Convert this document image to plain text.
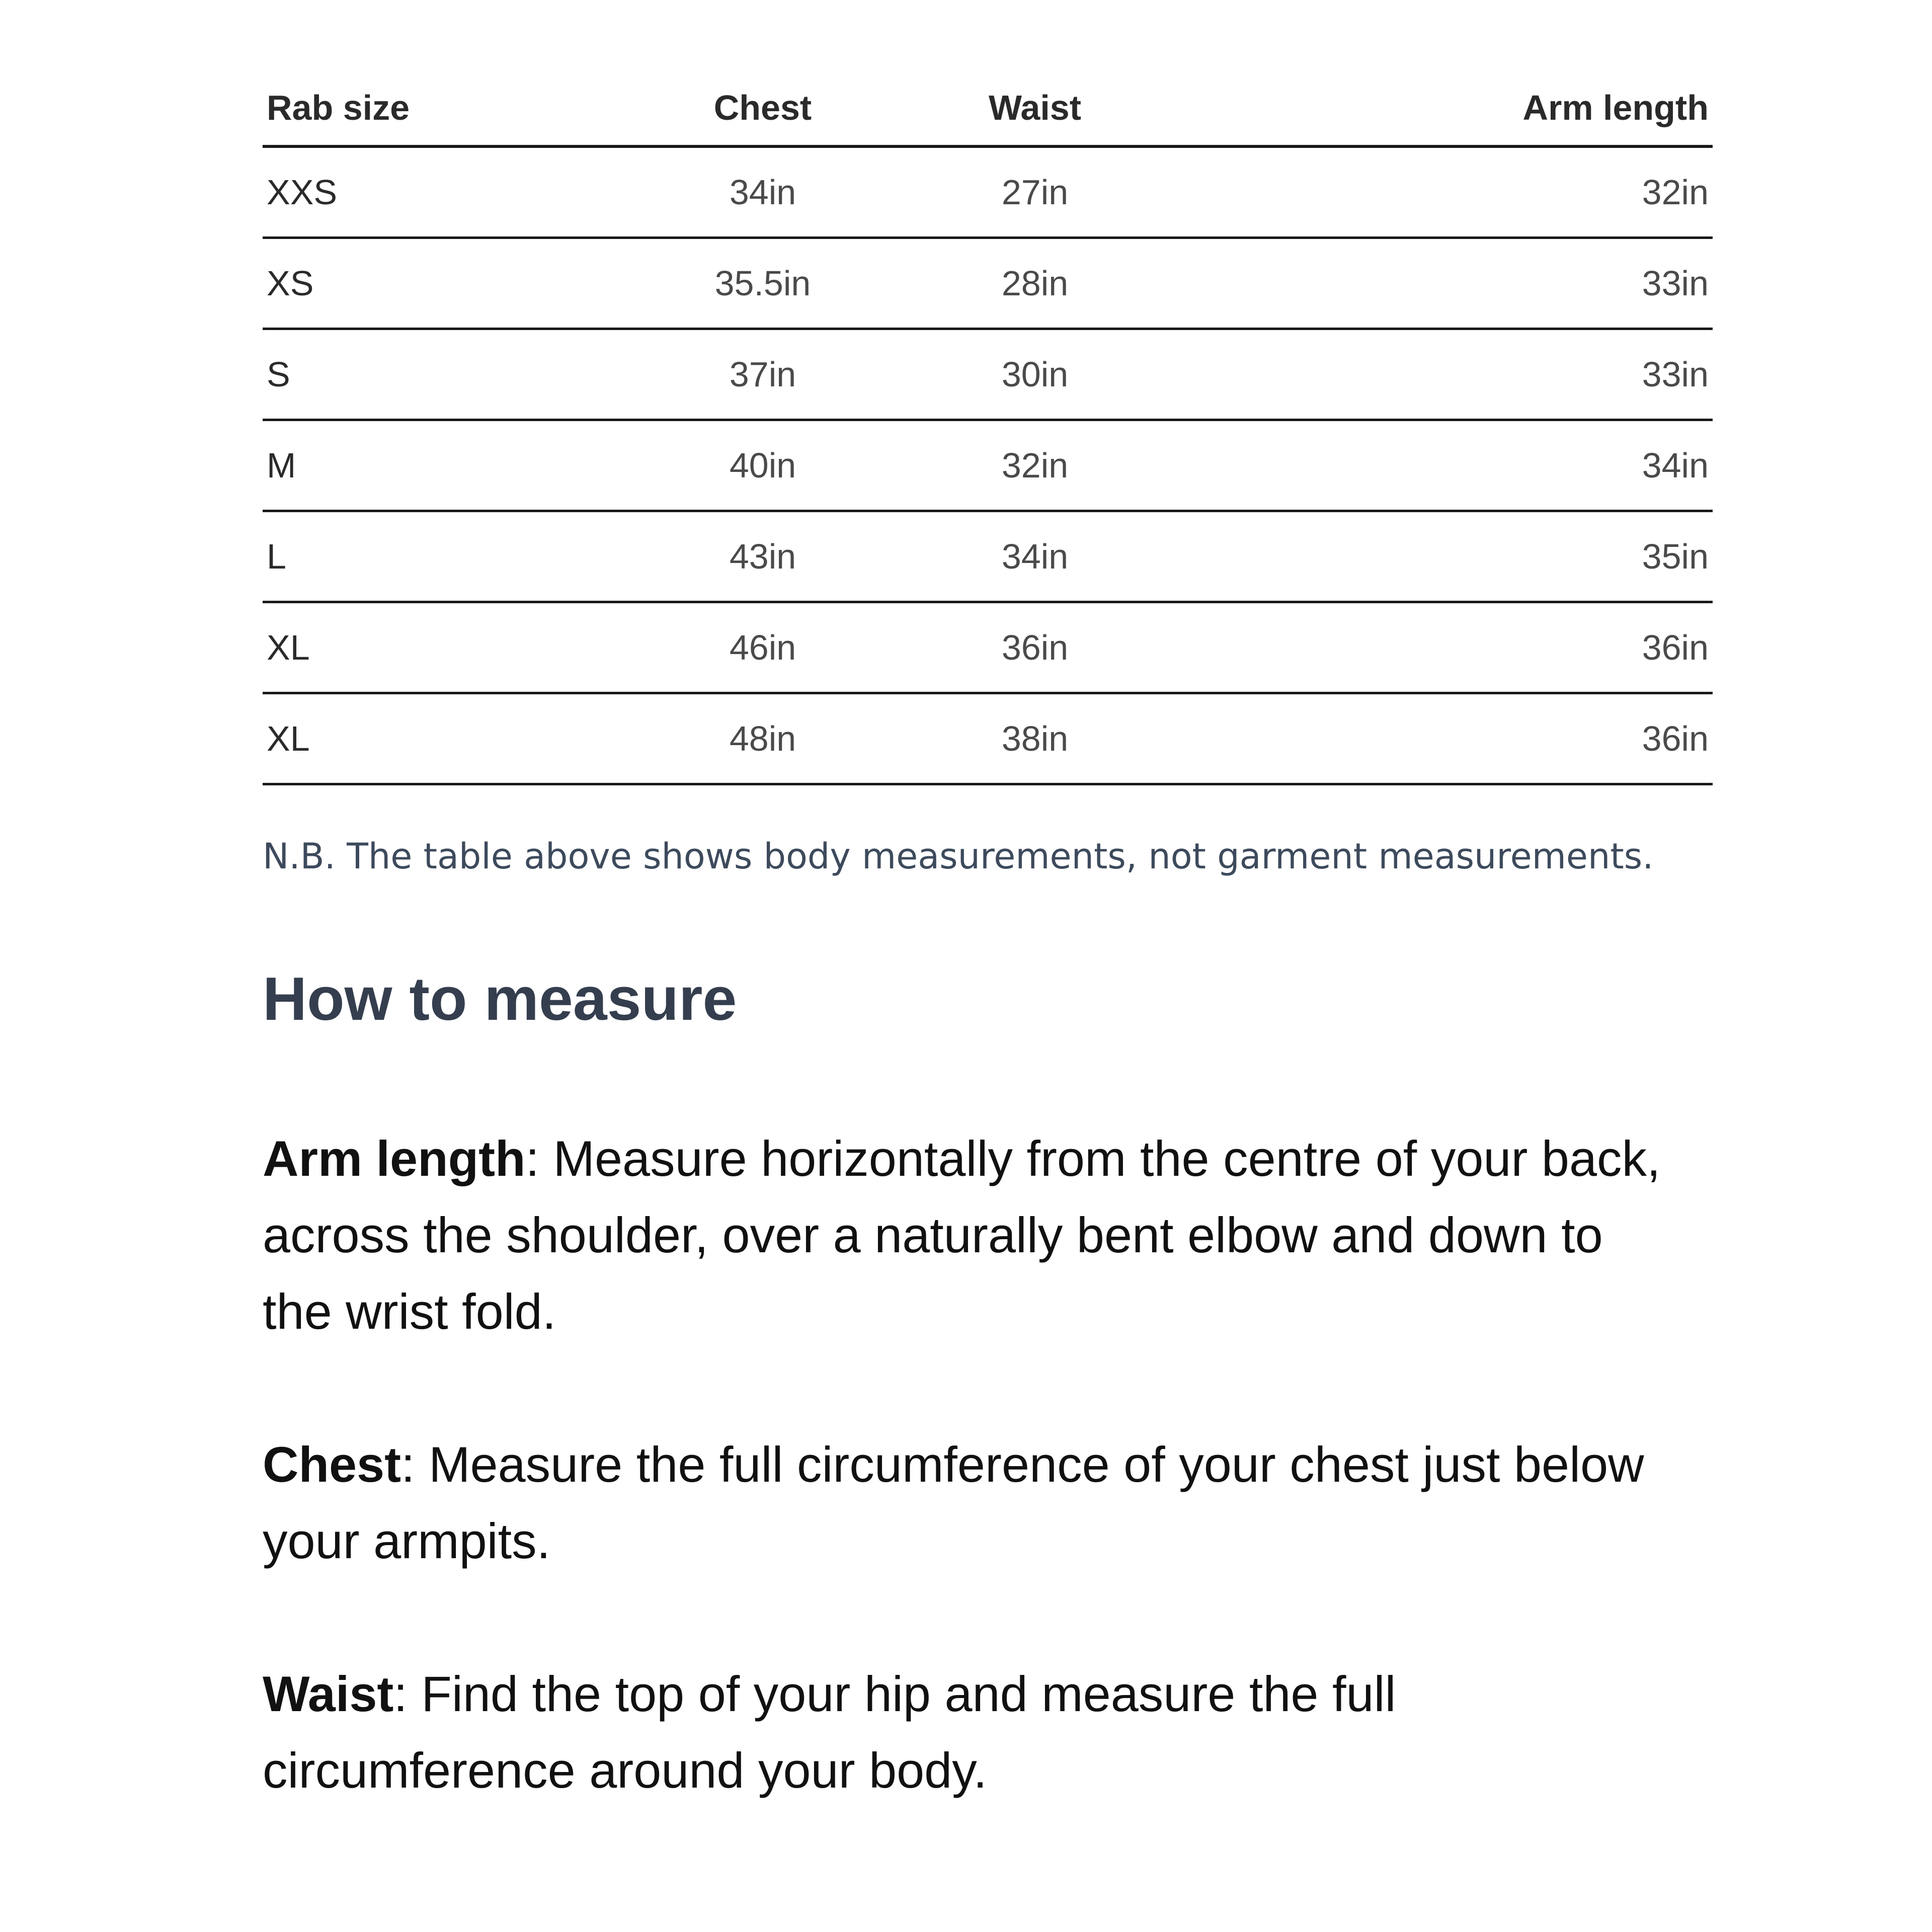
Rab size	Chest	Waist	Arm length
XXS	34in	27in	32in
XS	35.5in	28in	33in
S	37in	30in	33in
M	40in	32in	34in
L	43in	34in	35in
XL	46in	36in	36in
XL	48in	38in	36in
N.B. The table above shows body measurements, not garment measurements.
How to measure
Arm length: Measure horizontally from the centre of your back, across the shoulder, over a naturally bent elbow and down to the wrist fold.
Chest: Measure the full circumference of your chest just below your armpits.
Waist: Find the top of your hip and measure the full circumference around your body.
